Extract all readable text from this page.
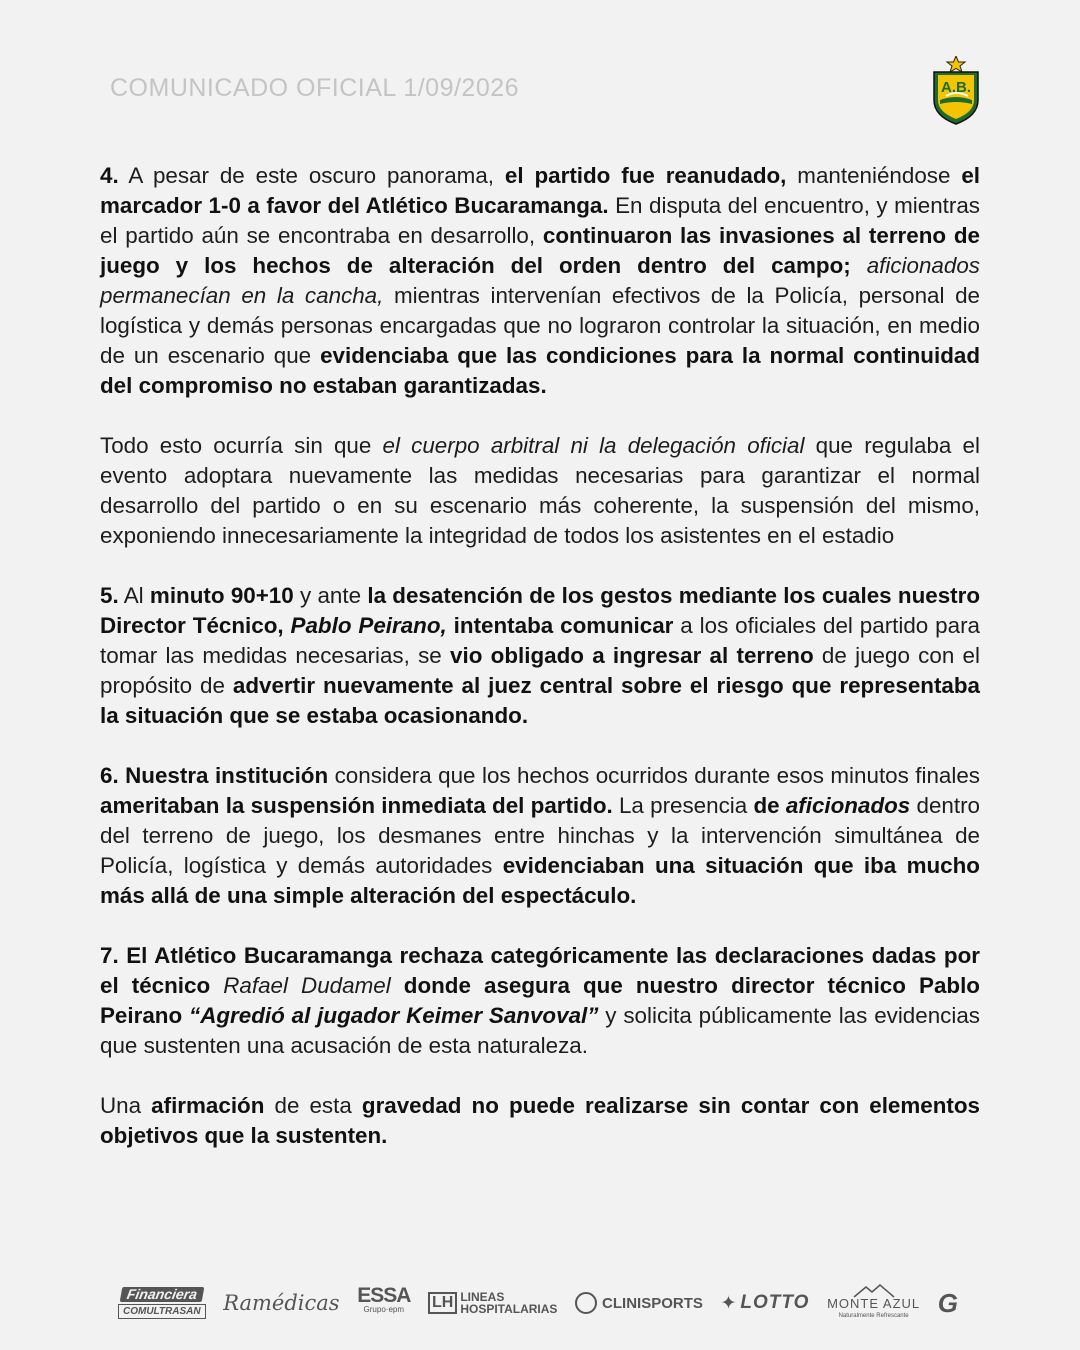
COMUNICADO OFICIAL 1/09/2026	A.B.

4. A pesar de este oscuro panorama, el partido fue reanudado, manteniéndose el marcador 1-0 a favor del Atlético Bucaramanga. En disputa del encuentro, y mientras el partido aún se encontraba en desarrollo, continuaron las invasiones al terreno de juego y los hechos de alteración del orden dentro del campo; aficionados permanecían en la cancha, mientras intervenían efectivos de la Policía, personal de logística y demás personas encargadas que no lograron controlar la situación, en medio de un escenario que evidenciaba que las condiciones para la normal continuidad del compromiso no estaban garantizadas.

Todo esto ocurría sin que el cuerpo arbitral ni la delegación oficial que regulaba el evento adoptara nuevamente las medidas necesarias para garantizar el normal desarrollo del partido o en su escenario más coherente, la suspensión del mismo, exponiendo innecesariamente la integridad de todos los asistentes en el estadio

5. Al minuto 90+10 y ante la desatención de los gestos mediante los cuales nuestro Director Técnico, Pablo Peirano, intentaba comunicar a los oficiales del partido para tomar las medidas necesarias, se vio obligado a ingresar al terreno de juego con el propósito de advertir nuevamente al juez central sobre el riesgo que representaba la situación que se estaba ocasionando.

6. Nuestra institución considera que los hechos ocurridos durante esos minutos finales ameritaban la suspensión inmediata del partido. La presencia de aficionados dentro del terreno de juego, los desmanes entre hinchas y la intervención simultánea de Policía, logística y demás autoridades evidenciaban una situación que iba mucho más allá de una simple alteración del espectáculo.

7. El Atlético Bucaramanga rechaza categóricamente las declaraciones dadas por el técnico Rafael Dudamel donde asegura que nuestro director técnico Pablo Peirano “Agredió al jugador Keimer Sanvoval” y solicita públicamente las evidencias que sustenten una acusación de esta naturaleza.

Una afirmación de esta gravedad no puede realizarse sin contar con elementos objetivos que la sustenten.

Financiera
COMULTRASAN Ramédicas ESSA
Grupo·epm LH LINEAS
HOSPITALARIAS	CLINISPORTS ✦ LOTTO MONTE AZUL
Naturalmente Refrescante G
